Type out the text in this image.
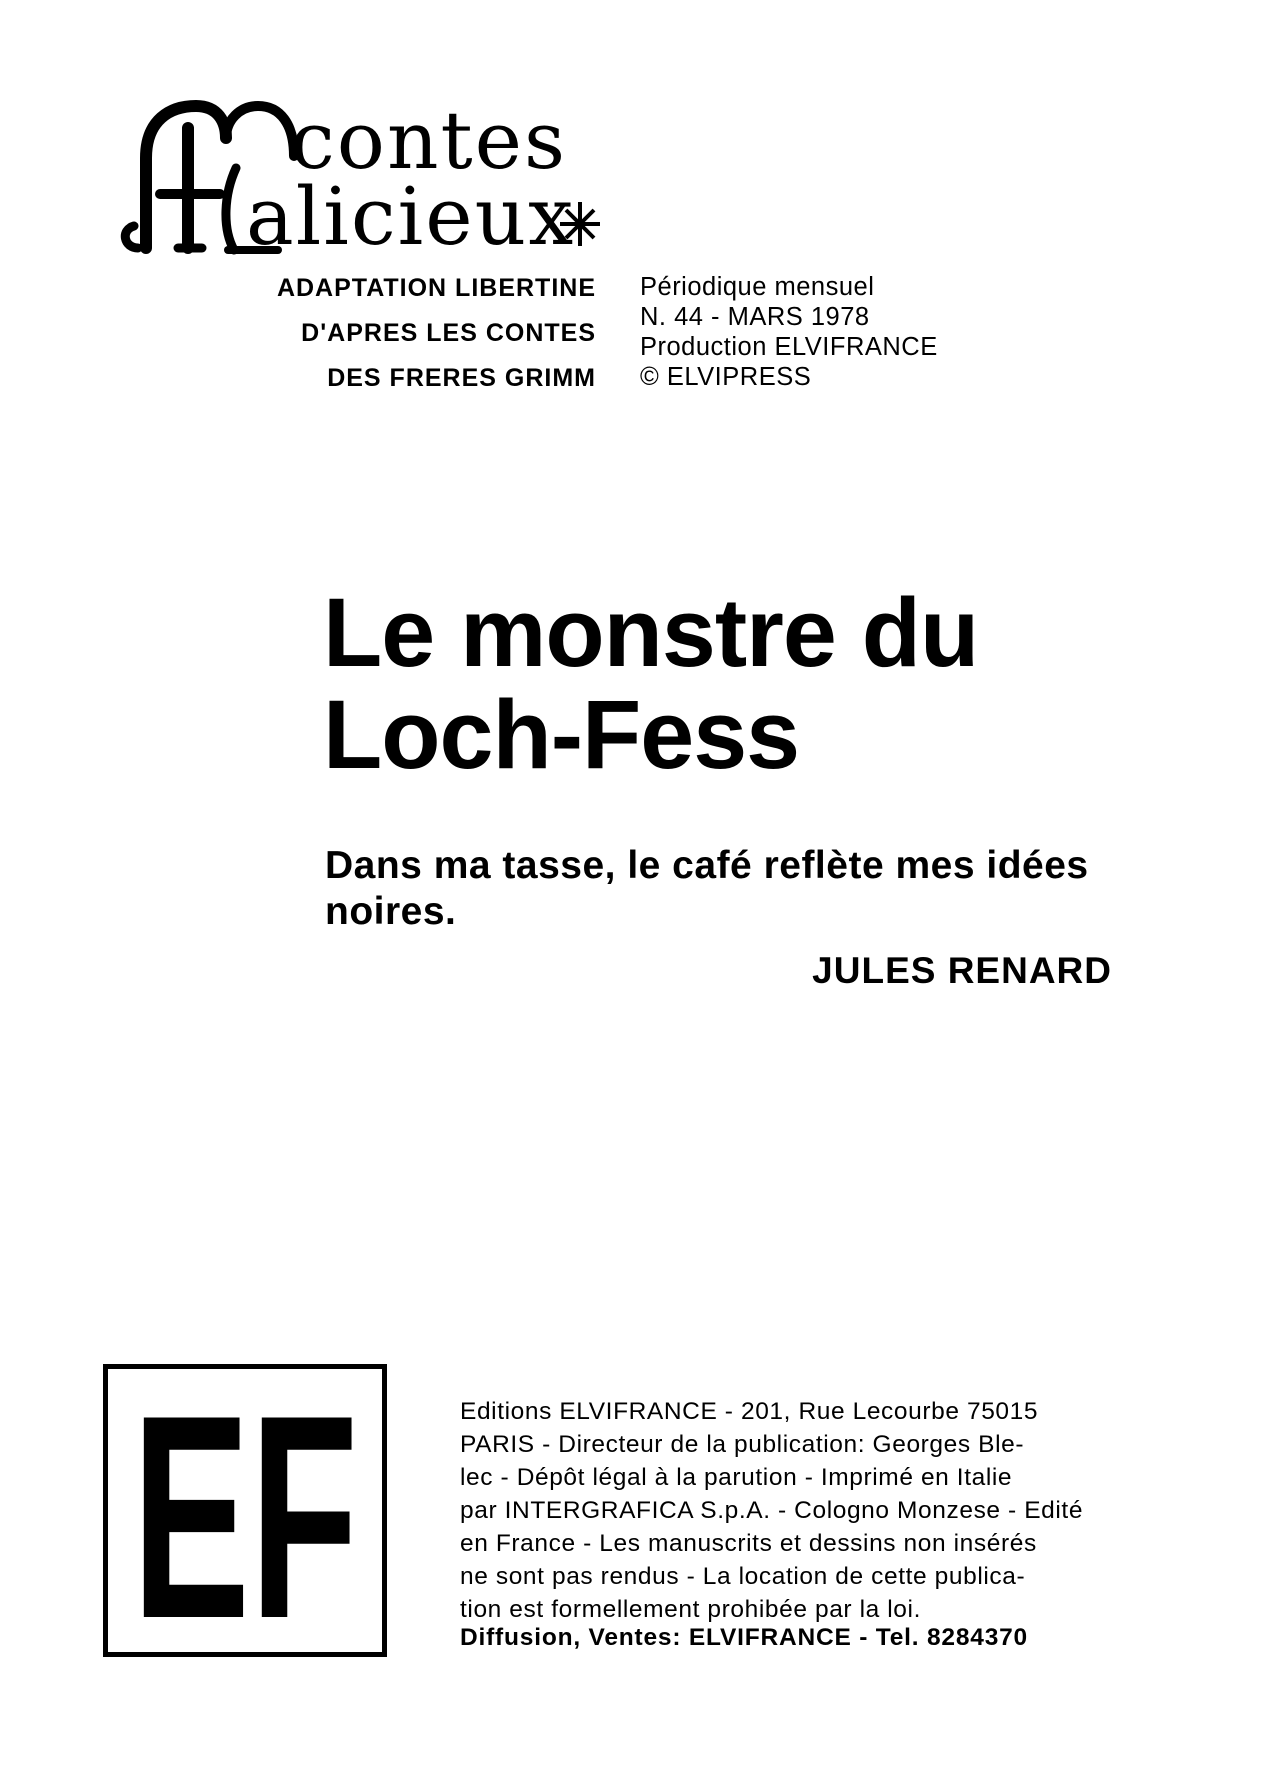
contes
alicieux
ADAPTATION LIBERTINE
D'APRES LES CONTES
DES FRERES GRIMM
Périodique mensuel
N. 44 - MARS 1978
Production ELVIFRANCE
© ELVIPRESS
Le monstre du
Loch-Fess
Dans ma tasse, le café reflète mes idées
noires.
JULES RENARD
EF	Editions ELVIFRANCE - 201, Rue Lecourbe 75015
PARIS - Directeur de la publication: Georges Ble-
lec - Dépôt légal à la parution - Imprimé en Italie
par INTERGRAFICA S.p.A. - Cologno Monzese - Edité
en France - Les manuscrits et dessins non insérés
ne sont pas rendus - La location de cette publica-
tion est formellement prohibée par la loi.
Diffusion, Ventes: ELVIFRANCE - Tel. 8284370
